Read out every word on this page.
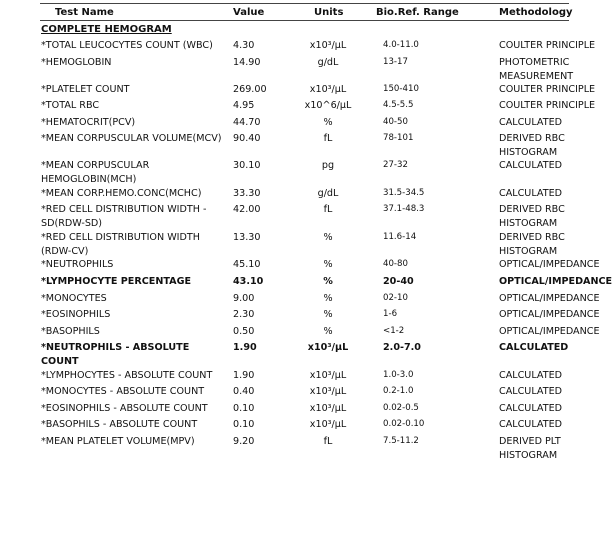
Test Name	Value	Units	Bio.Ref. Range	Methodology
COMPLETE HEMOGRAM
*TOTAL LEUCOCYTES COUNT (WBC)	4.30	x10³/μL	4.0-11.0	COULTER PRINCIPLE
*HEMOGLOBIN	14.90	g/dL	13-17	PHOTOMETRIC
MEASUREMENT
*PLATELET COUNT	269.00	x10³/μL	150-410	COULTER PRINCIPLE
*TOTAL RBC	4.95	x10^6/μL	4.5-5.5	COULTER PRINCIPLE
*HEMATOCRIT(PCV)	44.70	%	40-50	CALCULATED
*MEAN CORPUSCULAR VOLUME(MCV) 90.40	fL	78-101	DERIVED RBC
HISTOGRAM
*MEAN CORPUSCULAR HEMOGLOBIN(MCH)
30.10	pg	27-32	CALCULATED
*MEAN CORP.HEMO.CONC(MCHC)	33.30	g/dL	31.5-34.5	CALCULATED
*RED CELL DISTRIBUTION WIDTH - SD(RDW-SD)
42.00	fL	37.1-48.3	DERIVED RBC
HISTOGRAM
*RED CELL DISTRIBUTION WIDTH (RDW-CV)
13.30	%	11.6-14	DERIVED RBC
HISTOGRAM
*NEUTROPHILS	45.10	%	40-80	OPTICAL/IMPEDANCE
*LYMPHOCYTE PERCENTAGE	43.10	%	20-40	OPTICAL/IMPEDANCE
*MONOCYTES	9.00	%	02-10	OPTICAL/IMPEDANCE
*EOSINOPHILS	2.30	%	1-6	OPTICAL/IMPEDANCE
*BASOPHILS	0.50	%	<1-2	OPTICAL/IMPEDANCE
*NEUTROPHILS - ABSOLUTE COUNT
1.90	x10³/μL	2.0-7.0	CALCULATED
*LYMPHOCYTES - ABSOLUTE COUNT	1.90	x10³/μL	1.0-3.0	CALCULATED
*MONOCYTES - ABSOLUTE COUNT	0.40	x10³/μL	0.2-1.0	CALCULATED
*EOSINOPHILS - ABSOLUTE COUNT	0.10	x10³/μL	0.02-0.5	CALCULATED
*BASOPHILS - ABSOLUTE COUNT	0.10	x10³/μL	0.02-0.10	CALCULATED
*MEAN PLATELET VOLUME(MPV)	9.20	fL	7.5-11.2	DERIVED PLT
HISTOGRAM
